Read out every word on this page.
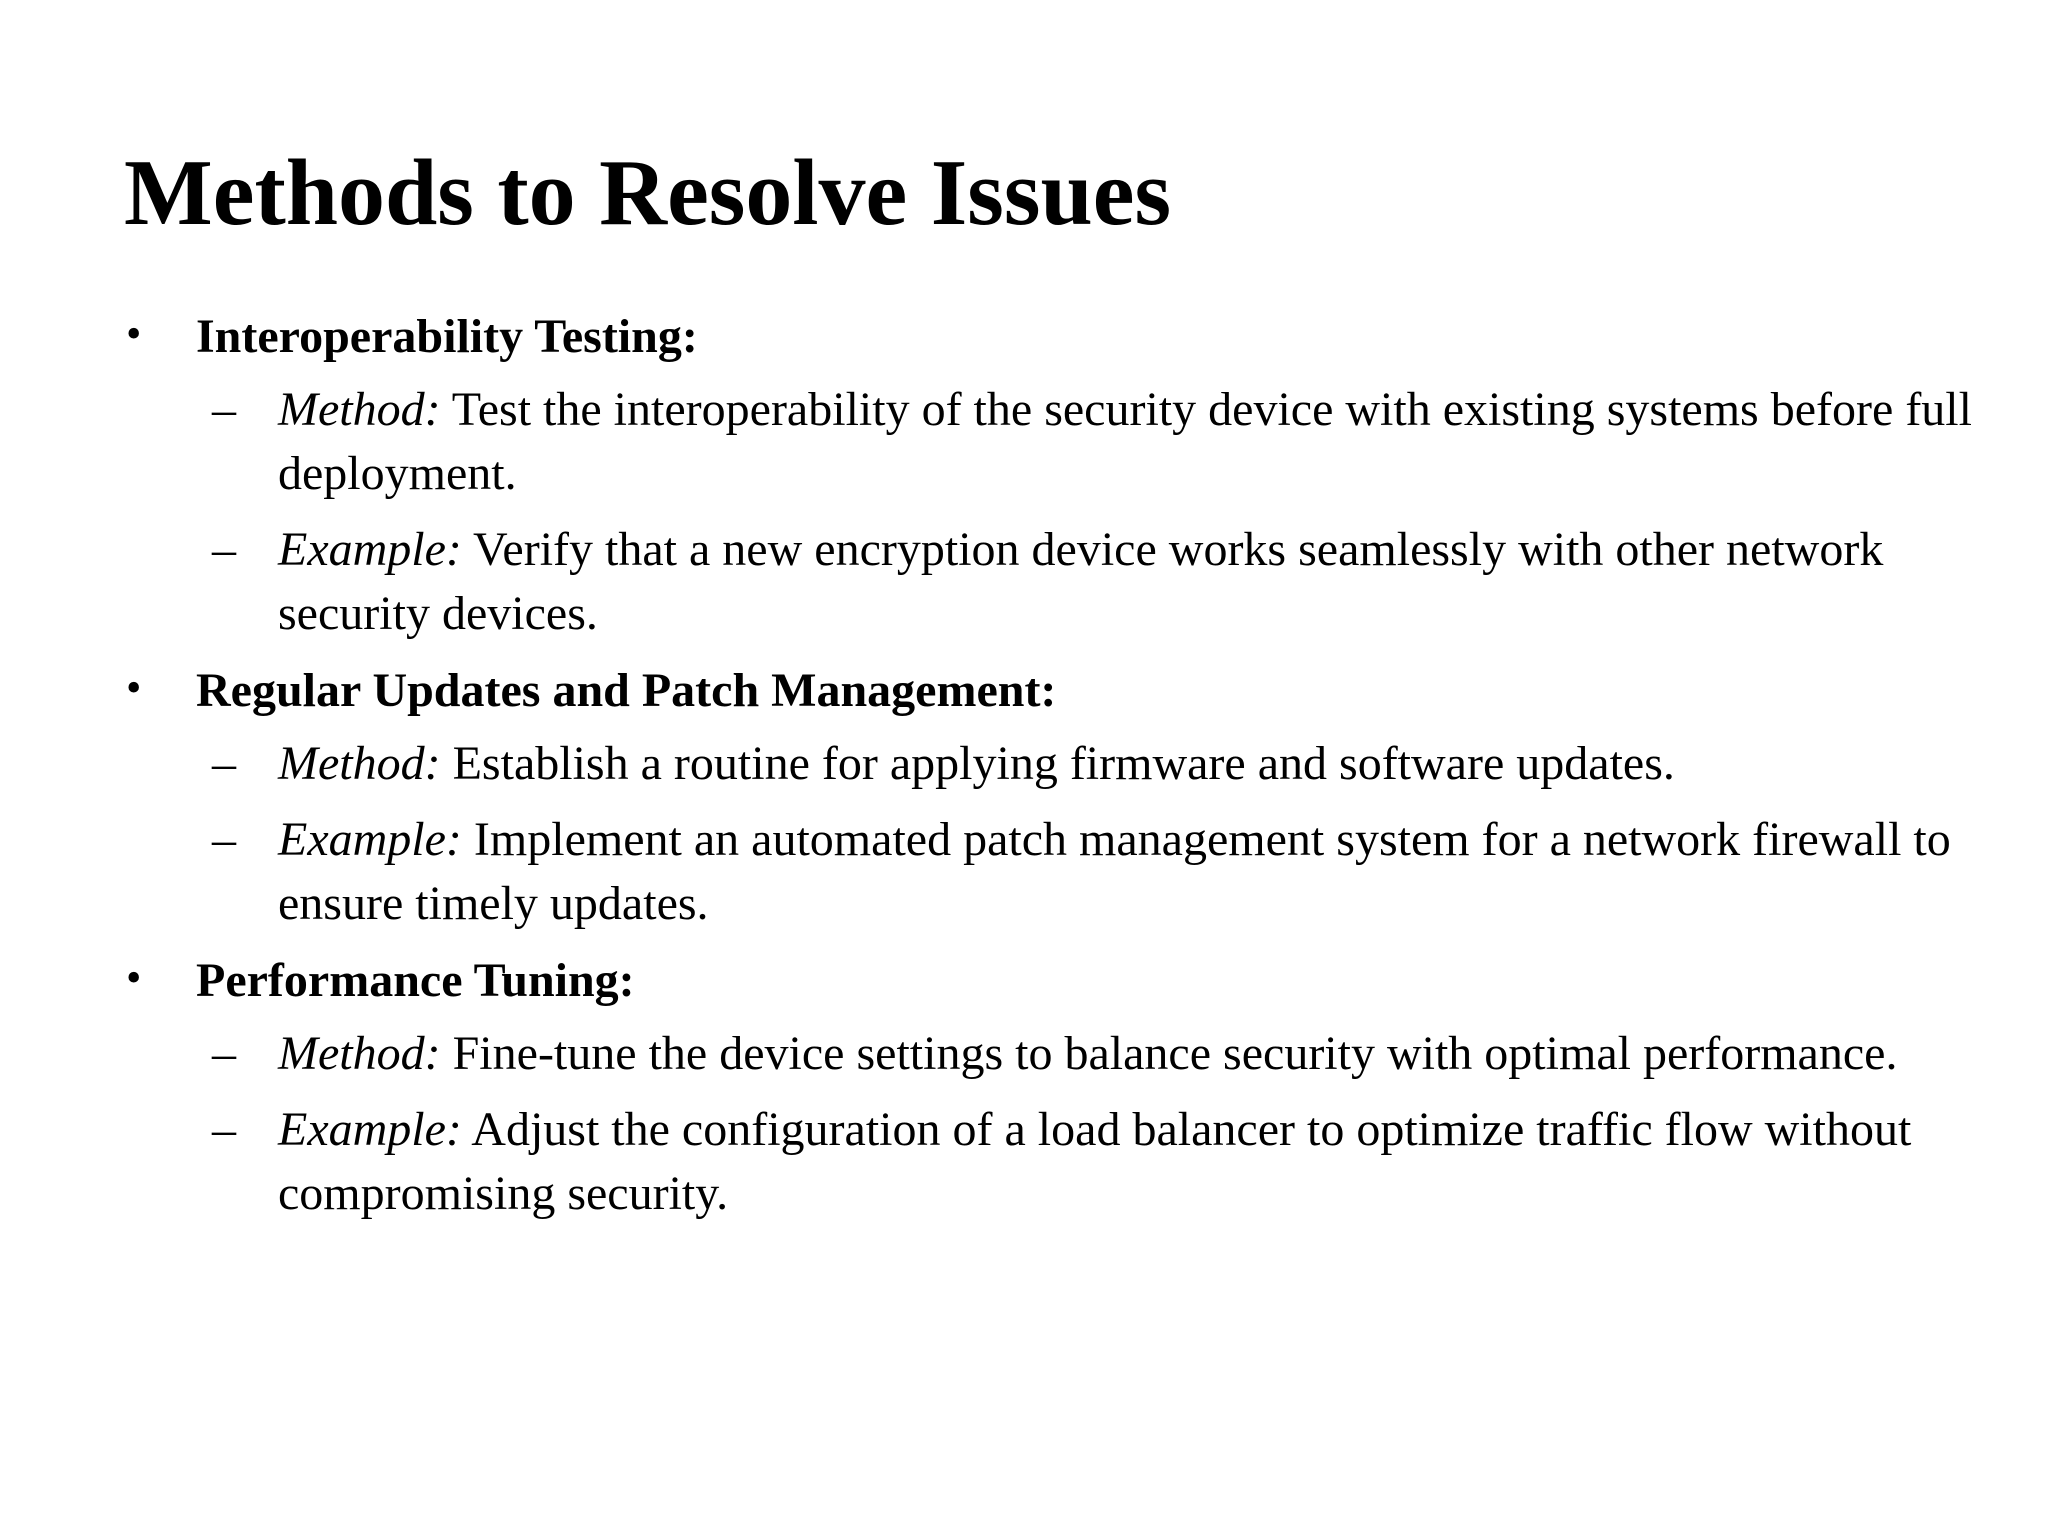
Methods to Resolve Issues
• Interoperability Testing:
– Method: Test the interoperability of the security device with existing systems before full deployment.
– Example: Verify that a new encryption device works seamlessly with other network security devices.
• Regular Updates and Patch Management:
– Method: Establish a routine for applying firmware and software updates.
– Example: Implement an automated patch management system for a network firewall to ensure timely updates.
• Performance Tuning:
– Method: Fine-tune the device settings to balance security with optimal performance.
– Example: Adjust the configuration of a load balancer to optimize traffic flow without compromising security.
